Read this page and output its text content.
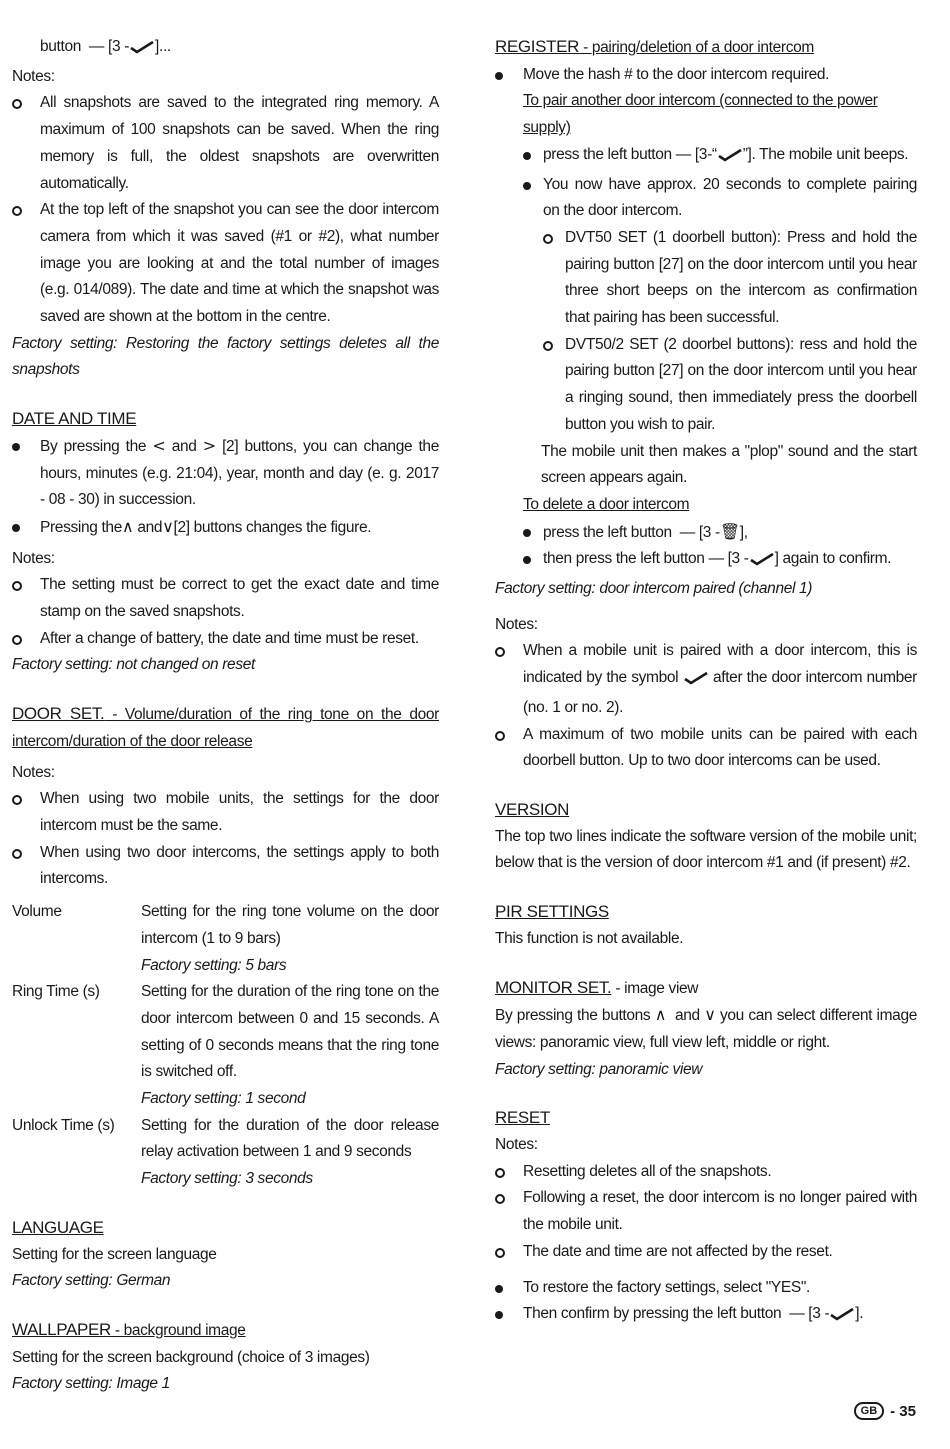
button — [3 - ]...

Notes:

All snapshots are saved to the integrated ring memory. A maximum of 100 snapshots can be saved. When the ring memory is full, the oldest snapshots are overwritten automatically.
At the top left of the snapshot you can see the door intercom camera from which it was saved (#1 or #2), what number image you are looking at and the total number of images (e.g. 014/089). The date and time at which the snapshot was saved are shown at the bottom in the centre.

Factory setting: Restoring the factory settings deletes all the snapshots

DATE AND TIME

By pressing the < and > [2] buttons, you can change the hours, minutes (e.g. 21:04), year, month and day (e. g. 2017 - 08 - 30) in succession.
Pressing the∧ and∨[2] buttons changes the figure.

Notes:

The setting must be correct to get the exact date and time stamp on the saved snapshots.
After a change of battery, the date and time must be reset.

Factory setting: not changed on reset

DOOR SET. - Volume/duration of the ring tone on the door intercom/duration of the door release

Notes:

When using two mobile units, the settings for the door intercom must be the same.
When using two door intercoms, the settings apply to both intercoms.
Volume	Setting for the ring tone volume on the door intercom (1 to 9 bars)
Factory setting: 5 bars
Ring Time (s)	Setting for the duration of the ring tone on the door intercom between 0 and 15 seconds. A setting of 0 seconds means that the ring tone is switched off.
Factory setting: 1 second
Unlock Time (s)	Setting for the duration of the door release relay activation between 1 and 9 seconds
Factory setting: 3 seconds

LANGUAGE

Setting for the screen language

Factory setting: German

WALLPAPER - background image

Setting for the screen background (choice of 3 images)

Factory setting: Image 1

REGISTER - pairing/deletion of a door intercom

Move the hash # to the door intercom required.

To pair another door intercom (connected to the power supply)

press the left button — [3-“ ”]. The mobile unit beeps.
You now have approx. 20 seconds to complete pairing on the door intercom.
DVT50 SET (1 doorbell button): Press and hold the pairing button [27] on the door intercom until you hear three short beeps on the intercom as confirmation that pairing has been successful.
DVT50/2 SET (2 doorbel buttons): ress and hold the pairing button [27] on the door intercom until you hear a ringing sound, then immediately press the doorbell button you wish to pair.

The mobile unit then makes a "plop" sound and the start screen appears again.

To delete a door intercom

press the left button — [3 -🗑],
then press the left button — [3 - ] again to confirm.

Factory setting: door intercom paired (channel 1)

Notes:

When a mobile unit is paired with a door intercom, this is indicated by the symbol after the door intercom number (no. 1 or no. 2).
A maximum of two mobile units can be paired with each doorbell button. Up to two door intercoms can be used.

VERSION

The top two lines indicate the software version of the mobile unit; below that is the version of door intercom #1 and (if present) #2.

PIR SETTINGS

This function is not available.

MONITOR SET. - image view

By pressing the buttons ∧ and ∨ you can select different image views: panoramic view, full view left, middle or right.

Factory setting: panoramic view

RESET

Notes:

Resetting deletes all of the snapshots.
Following a reset, the door intercom is no longer paired with the mobile unit.
The date and time are not affected by the reset.
To restore the factory settings, select "YES".
Then confirm by pressing the left button — [3 - ].
GB - 35
